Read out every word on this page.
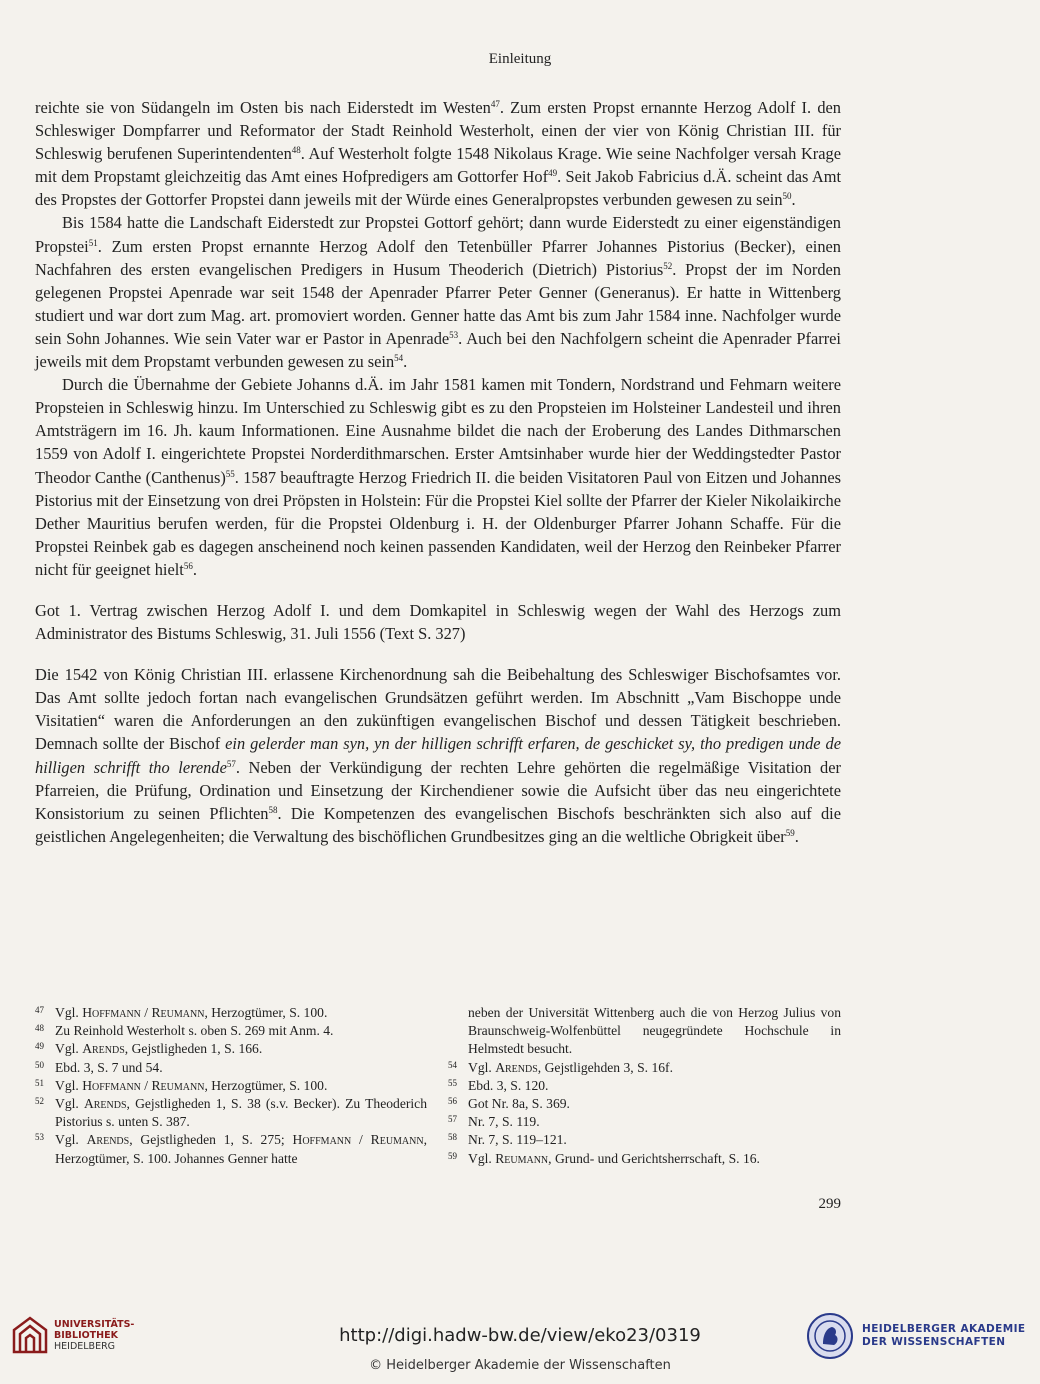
Einleitung

reichte sie von Südangeln im Osten bis nach Eiderstedt im Westen$^{47}$. Zum ersten Propst ernannte Herzog Adolf I. den Schleswiger Dompfarrer und Reformator der Stadt Reinhold Westerholt, einen der vier von König Christian III. für Schleswig berufenen Superintendenten$^{48}$. Auf Westerholt folgte 1548 Nikolaus Krage. Wie seine Nachfolger versah Krage mit dem Propstamt gleichzeitig das Amt eines Hofpredigers am Gottorfer Hof$^{49}$. Seit Jakob Fabricius d.Ä. scheint das Amt des Propstes der Gottorfer Propstei dann jeweils mit der Würde eines Generalpropstes verbunden gewesen zu sein$^{50}$.

Bis 1584 hatte die Landschaft Eiderstedt zur Propstei Gottorf gehört; dann wurde Eiderstedt zu einer eigenständigen Propstei$^{51}$. Zum ersten Propst ernannte Herzog Adolf den Tetenbüller Pfarrer Johannes Pistorius (Becker), einen Nachfahren des ersten evangelischen Predigers in Husum Theoderich (Dietrich) Pistorius$^{52}$. Propst der im Norden gelegenen Propstei Apenrade war seit 1548 der Apenrader Pfarrer Peter Genner (Generanus). Er hatte in Wittenberg studiert und war dort zum Mag. art. promoviert worden. Genner hatte das Amt bis zum Jahr 1584 inne. Nachfolger wurde sein Sohn Johannes. Wie sein Vater war er Pastor in Apenrade$^{53}$. Auch bei den Nachfolgern scheint die Apenrader Pfarrei jeweils mit dem Propstamt verbunden gewesen zu sein$^{54}$.

Durch die Übernahme der Gebiete Johanns d.Ä. im Jahr 1581 kamen mit Tondern, Nordstrand und Fehmarn weitere Propsteien in Schleswig hinzu. Im Unterschied zu Schleswig gibt es zu den Propsteien im Holsteiner Landesteil und ihren Amtsträgern im 16. Jh. kaum Informationen. Eine Ausnahme bildet die nach der Eroberung des Landes Dithmarschen 1559 von Adolf I. eingerichtete Propstei Norderdithmarschen. Erster Amtsinhaber wurde hier der Weddingstedter Pastor Theodor Canthe (Canthenus)$^{55}$. 1587 beauftragte Herzog Friedrich II. die beiden Visitatoren Paul von Eitzen und Johannes Pistorius mit der Einsetzung von drei Pröpsten in Holstein: Für die Propstei Kiel sollte der Pfarrer der Kieler Nikolaikirche Dether Mauritius berufen werden, für die Propstei Oldenburg i. H. der Oldenburger Pfarrer Johann Schaffe. Für die Propstei Reinbek gab es dagegen anscheinend noch keinen passenden Kandidaten, weil der Herzog den Reinbeker Pfarrer nicht für geeignet hielt$^{56}$.

Got 1. Vertrag zwischen Herzog Adolf I. und dem Domkapitel in Schleswig wegen der Wahl des Herzogs zum Administrator des Bistums Schleswig, 31. Juli 1556 (Text S. 327)

Die 1542 von König Christian III. erlassene Kirchenordnung sah die Beibehaltung des Schleswiger Bischofsamtes vor. Das Amt sollte jedoch fortan nach evangelischen Grundsätzen geführt werden. Im Abschnitt „Vam Bischoppe unde Visitatien“ waren die Anforderungen an den zukünftigen evangelischen Bischof und dessen Tätigkeit beschrieben. Demnach sollte der Bischof ein gelerder man syn, yn der hilligen schrifft erfaren, de geschicket sy, tho predigen unde de hilligen schrifft tho lerende$^{57}$. Neben der Verkündigung der rechten Lehre gehörten die regelmäßige Visitation der Pfarreien, die Prüfung, Ordination und Einsetzung der Kirchendiener sowie die Aufsicht über das neu eingerichtete Konsistorium zu seinen Pflichten$^{58}$. Die Kompetenzen des evangelischen Bischofs beschränkten sich also auf die geistlichen Angelegenheiten; die Verwaltung des bischöflichen Grundbesitzes ging an die weltliche Obrigkeit über$^{59}$.

47 Vgl. Hoffmann / Reumann, Herzogtümer, S. 100.
48 Zu Reinhold Westerholt s. oben S. 269 mit Anm. 4.
49 Vgl. Arends, Gejstligheden 1, S. 166.
50 Ebd. 3, S. 7 und 54.
51 Vgl. Hoffmann / Reumann, Herzogtümer, S. 100.
52 Vgl. Arends, Gejstligheden 1, S. 38 (s.v. Becker). Zu Theoderich Pistorius s. unten S. 387.
53 Vgl. Arends, Gejstligheden 1, S. 275; Hoffmann / Reumann, Herzogtümer, S. 100. Johannes Genner hatte
neben der Universität Wittenberg auch die von Herzog Julius von Braunschweig-Wolfenbüttel neugegründete Hochschule in Helmstedt besucht.
54 Vgl. Arends, Gejstligehden 3, S. 16f.
55 Ebd. 3, S. 120.
56 Got Nr. 8a, S. 369.
57 Nr. 7, S. 119.
58 Nr. 7, S. 119–121.
59 Vgl. Reumann, Grund- und Gerichtsherrschaft, S. 16.
299
UNIVERSITÄTS-
BIBLIOTHEK
HEIDELBERG	http://digi.hadw-bw.de/view/eko23/0319
© Heidelberger Akademie der Wissenschaften
HEIDELBERGER AKADEMIE
DER WISSENSCHAFTEN
